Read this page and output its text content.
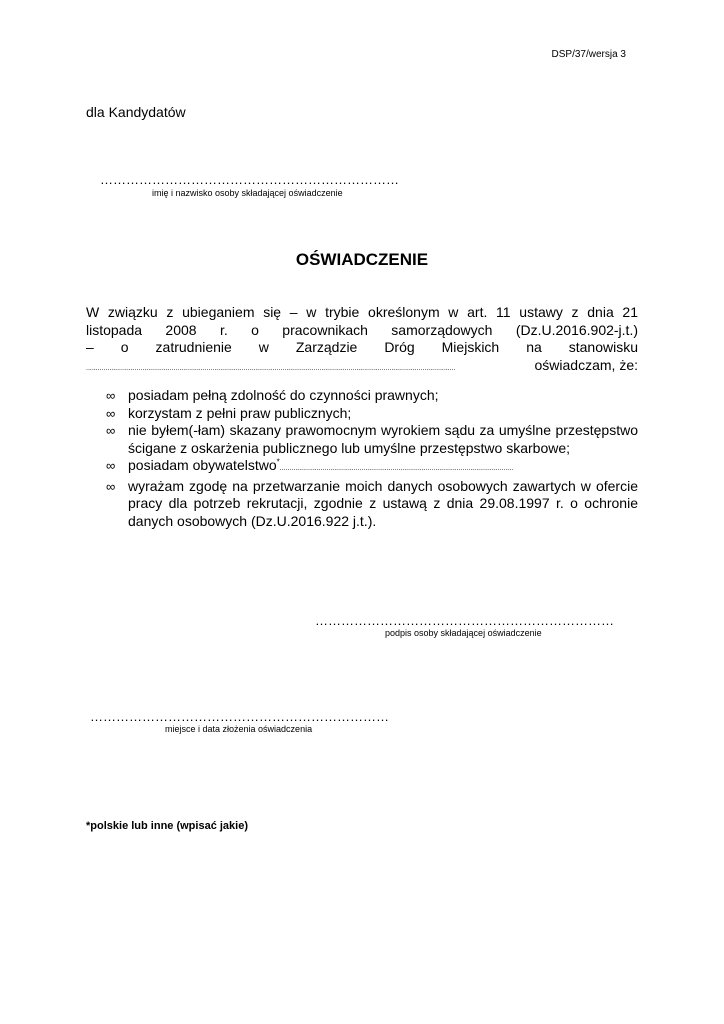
DSP/37/wersja 3
dla Kandydatów
……………………………………………………………
imię i nazwisko osoby składającej oświadczenie
OŚWIADCZENIE
W związku z ubieganiem się – w trybie określonym w art. 11 ustawy z dnia 21
listopada 2008 r. o pracownikach samorządowych (Dz.U.2016.902-j.t.)
– o zatrudnienie w Zarządzie Dróg Miejskich na stanowisku
..............................................................................................................................................................................................	oświadczam, że:
∞ posiadam pełną zdolność do czynności prawnych;
∞ korzystam z pełni praw publicznych;
∞ nie byłem(-łam) skazany prawomocnym wyrokiem sądu za umyślne przestępstwo ścigane z oskarżenia publicznego lub umyślne przestępstwo skarbowe;
∞ posiadam obywatelstwo*........................................................................................................................
∞ wyrażam zgodę na przetwarzanie moich danych osobowych zawartych w ofercie pracy dla potrzeb rekrutacji, zgodnie z ustawą z dnia 29.08.1997 r. o ochronie danych osobowych (Dz.U.2016.922 j.t.).
……………………………………………………………
podpis osoby składającej oświadczenie
……………………………………………………………
miejsce i data złożenia oświadczenia
*polskie lub inne (wpisać jakie)
